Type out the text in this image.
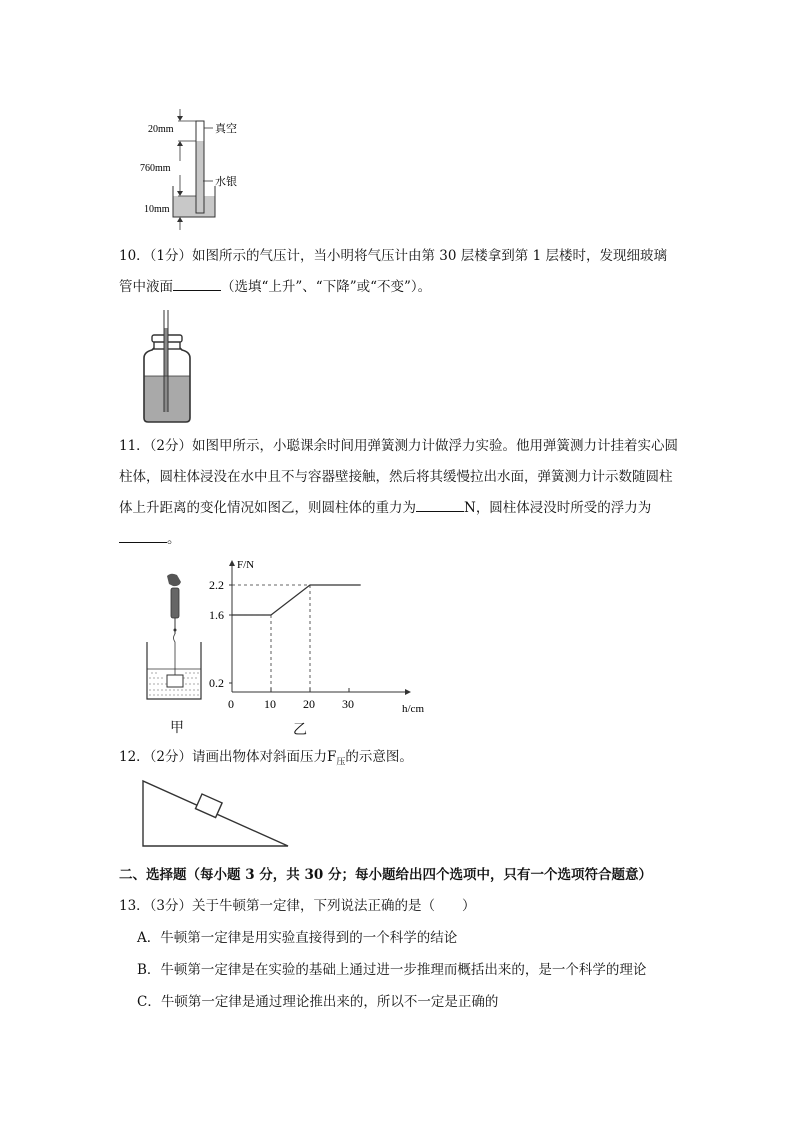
20mm	真空
760mm
水银
10mm
10．（1分）如图所示的气压计，当小明将气压计由第 30 层楼拿到第 1 层楼时，发现细玻璃管中液面	（选填“上升”、“下降”或“不变”）。
11．（2分）如图甲所示，小聪课余时间用弹簧测力计做浮力实验。他用弹簧测力计挂着实心圆柱体，圆柱体浸没在水中且不与容器壁接触，然后将其缓慢拉出水面，弹簧测力计示数随圆柱体上升距离的变化情况如图乙，则圆柱体的重力为	N，圆柱体浸没时所受的浮力为。
甲
F/N
h/cm
0	10 20 30
0.2
1.6
2.2
乙
12．（2分）请画出物体对斜面压力$F_压$的示意图。
二、选择题（每小题 3 分，共 30 分；每小题给出四个选项中，只有一个选项符合题意）
13．（3分）关于牛顿第一定律，下列说法正确的是（　　）
A．牛顿第一定律是用实验直接得到的一个科学的结论
B．牛顿第一定律是在实验的基础上通过进一步推理而概括出来的，是一个科学的理论
C．牛顿第一定律是通过理论推出来的，所以不一定是正确的
